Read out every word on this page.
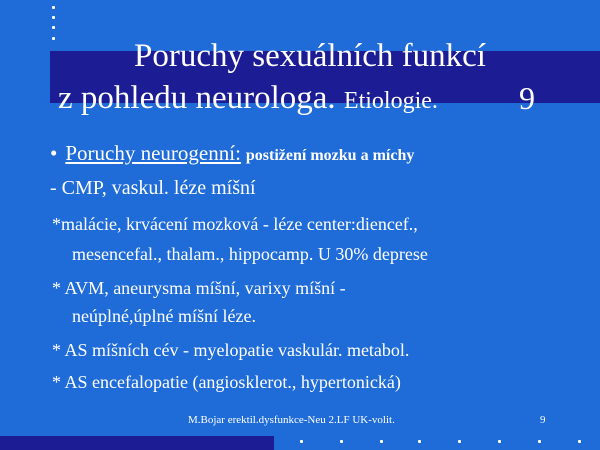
Poruchy sexuálních funkcí
z pohledu neurologa. Etiologie.	9
• Poruchy neurogenní: postižení mozku a míchy
- CMP, vaskul. léze míšní
*malácie, krvácení mozková - léze center:diencef.,
mesencefal., thalam., hippocamp. U 30% deprese
* AVM, aneurysma míšní, varixy míšní -
neúplné,úplné míšní léze.
* AS míšních cév - myelopatie vaskulár. metabol.
* AS encefalopatie (angiosklerot., hypertonická)
M.Bojar erektil.dysfunkce-Neu 2.LF UK-volit.	9
